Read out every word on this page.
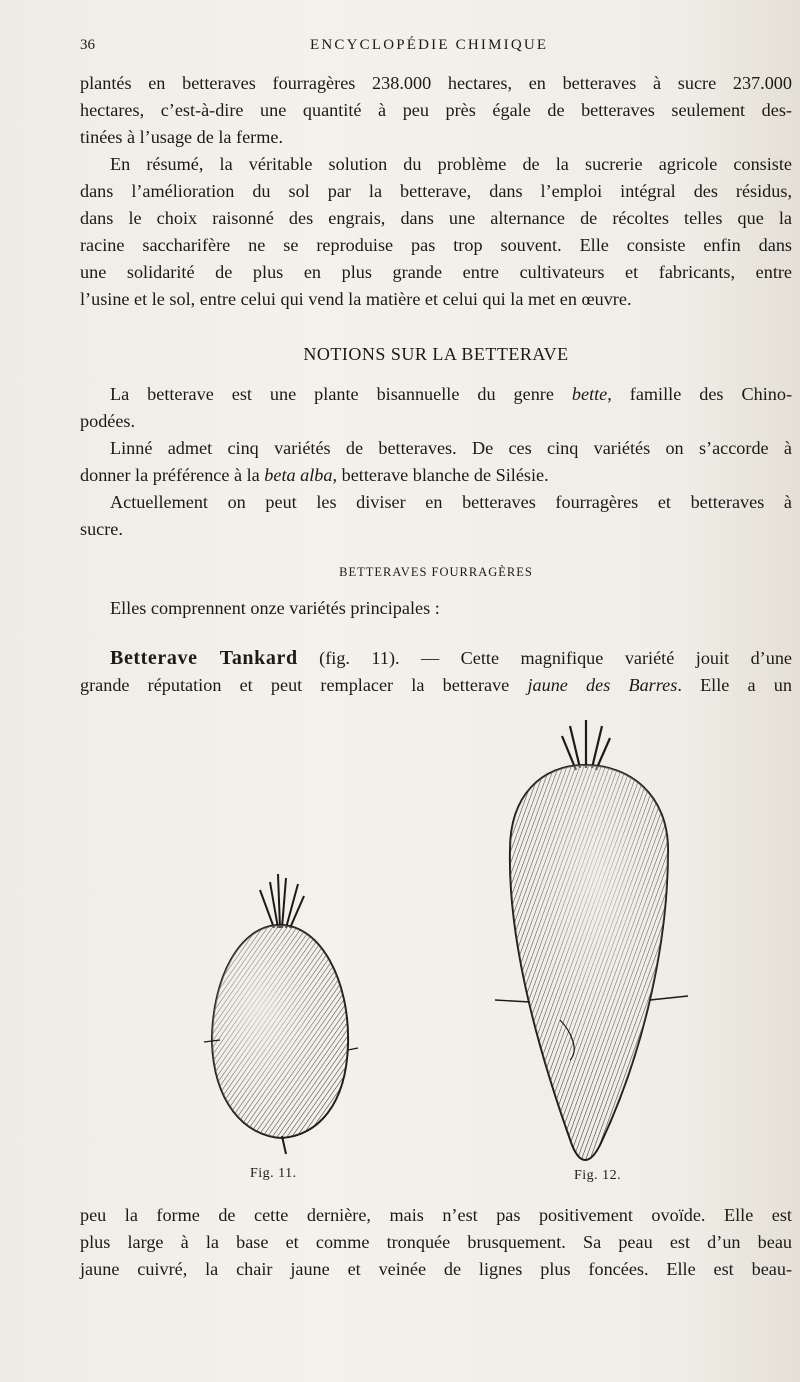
36	ENCYCLOPÉDIE CHIMIQUE
plantés en betteraves fourragères 238.000 hectares, en betteraves à sucre 237.000
hectares, c’est-à-dire une quantité à peu près égale de betteraves seulement des-
tinées à l’usage de la ferme.
En résumé, la véritable solution du problème de la sucrerie agricole consiste
dans l’amélioration du sol par la betterave, dans l’emploi intégral des résidus,
dans le choix raisonné des engrais, dans une alternance de récoltes telles que la
racine saccharifère ne se reproduise pas trop souvent. Elle consiste enfin dans
une solidarité de plus en plus grande entre cultivateurs et fabricants, entre
l’usine et le sol, entre celui qui vend la matière et celui qui la met en œuvre.
NOTIONS SUR LA BETTERAVE
La betterave est une plante bisannuelle du genre bette, famille des Chino-
podées.
Linné admet cinq variétés de betteraves. De ces cinq variétés on s’accorde à
donner la préférence à la beta alba, betterave blanche de Silésie.
Actuellement on peut les diviser en betteraves fourragères et betteraves à
sucre.
BETTERAVES FOURRAGÈRES
Elles comprennent onze variétés principales :
Betterave Tankard (fig. 11). — Cette magnifique variété jouit d’une
grande réputation et peut remplacer la betterave jaune des Barres. Elle a un
Fig. 11.	Fig. 12.
peu la forme de cette dernière, mais n’est pas positivement ovoïde. Elle est
plus large à la base et comme tronquée brusquement. Sa peau est d’un beau
jaune cuivré, la chair jaune et veinée de lignes plus foncées. Elle est beau-
